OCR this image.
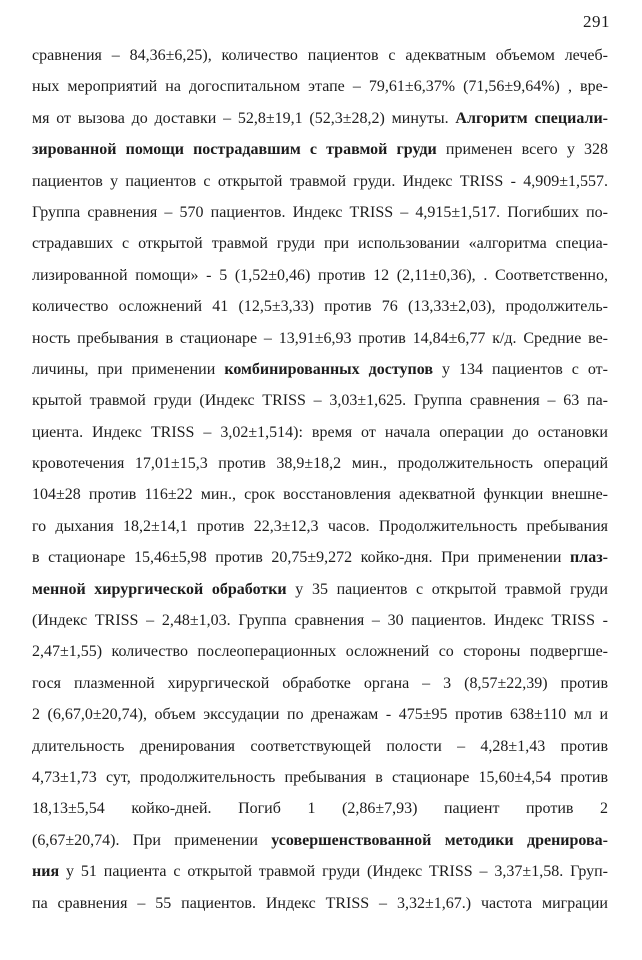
291
сравнения – 84,36±6,25), количество пациентов с адекватным объемом лечеб-
ных мероприятий на догоспитальном этапе – 79,61±6,37% (71,56±9,64%) , вре-
мя от вызова до доставки – 52,8±19,1 (52,3±28,2) минуты. Алгоритм специали-
зированной помощи пострадавшим с травмой груди применен всего у 328
пациентов у пациентов с открытой травмой груди. Индекс TRISS - 4,909±1,557.
Группа сравнения – 570 пациентов. Индекс TRISS – 4,915±1,517. Погибших по-
страдавших с открытой травмой груди при использовании «алгоритма специа-
лизированной помощи» - 5 (1,52±0,46) против 12 (2,11±0,36), . Соответственно,
количество осложнений 41 (12,5±3,33) против 76 (13,33±2,03), продолжитель-
ность пребывания в стационаре – 13,91±6,93 против 14,84±6,77 к/д. Средние ве-
личины, при применении комбинированных доступов у 134 пациентов с от-
крытой травмой груди (Индекс TRISS – 3,03±1,625. Группа сравнения – 63 па-
циента. Индекс TRISS – 3,02±1,514): время от начала операции до остановки
кровотечения 17,01±15,3 против 38,9±18,2 мин., продолжительность операций
104±28 против 116±22 мин., срок восстановления адекватной функции внешне-
го дыхания 18,2±14,1 против 22,3±12,3 часов. Продолжительность пребывания
в стационаре 15,46±5,98 против 20,75±9,272 койко-дня. При применении плаз-
менной хирургической обработки у 35 пациентов с открытой травмой груди
(Индекс TRISS – 2,48±1,03. Группа сравнения – 30 пациентов. Индекс TRISS -
2,47±1,55) количество послеоперационных осложнений со стороны подвергше-
гося плазменной хирургической обработке органа – 3 (8,57±22,39) против
2 (6,67,0±20,74), объем экссудации по дренажам - 475±95 против 638±110 мл и
длительность дренирования соответствующей полости – 4,28±1,43 против
4,73±1,73 сут, продолжительность пребывания в стационаре 15,60±4,54 против
18,13±5,54 койко-дней. Погиб 1 (2,86±7,93) пациент против 2
(6,67±20,74). При применении усовершенствованной методики дренирова-
ния у 51 пациента с открытой травмой груди (Индекс TRISS – 3,37±1,58. Груп-
па сравнения – 55 пациентов. Индекс TRISS – 3,32±1,67.) частота миграции
